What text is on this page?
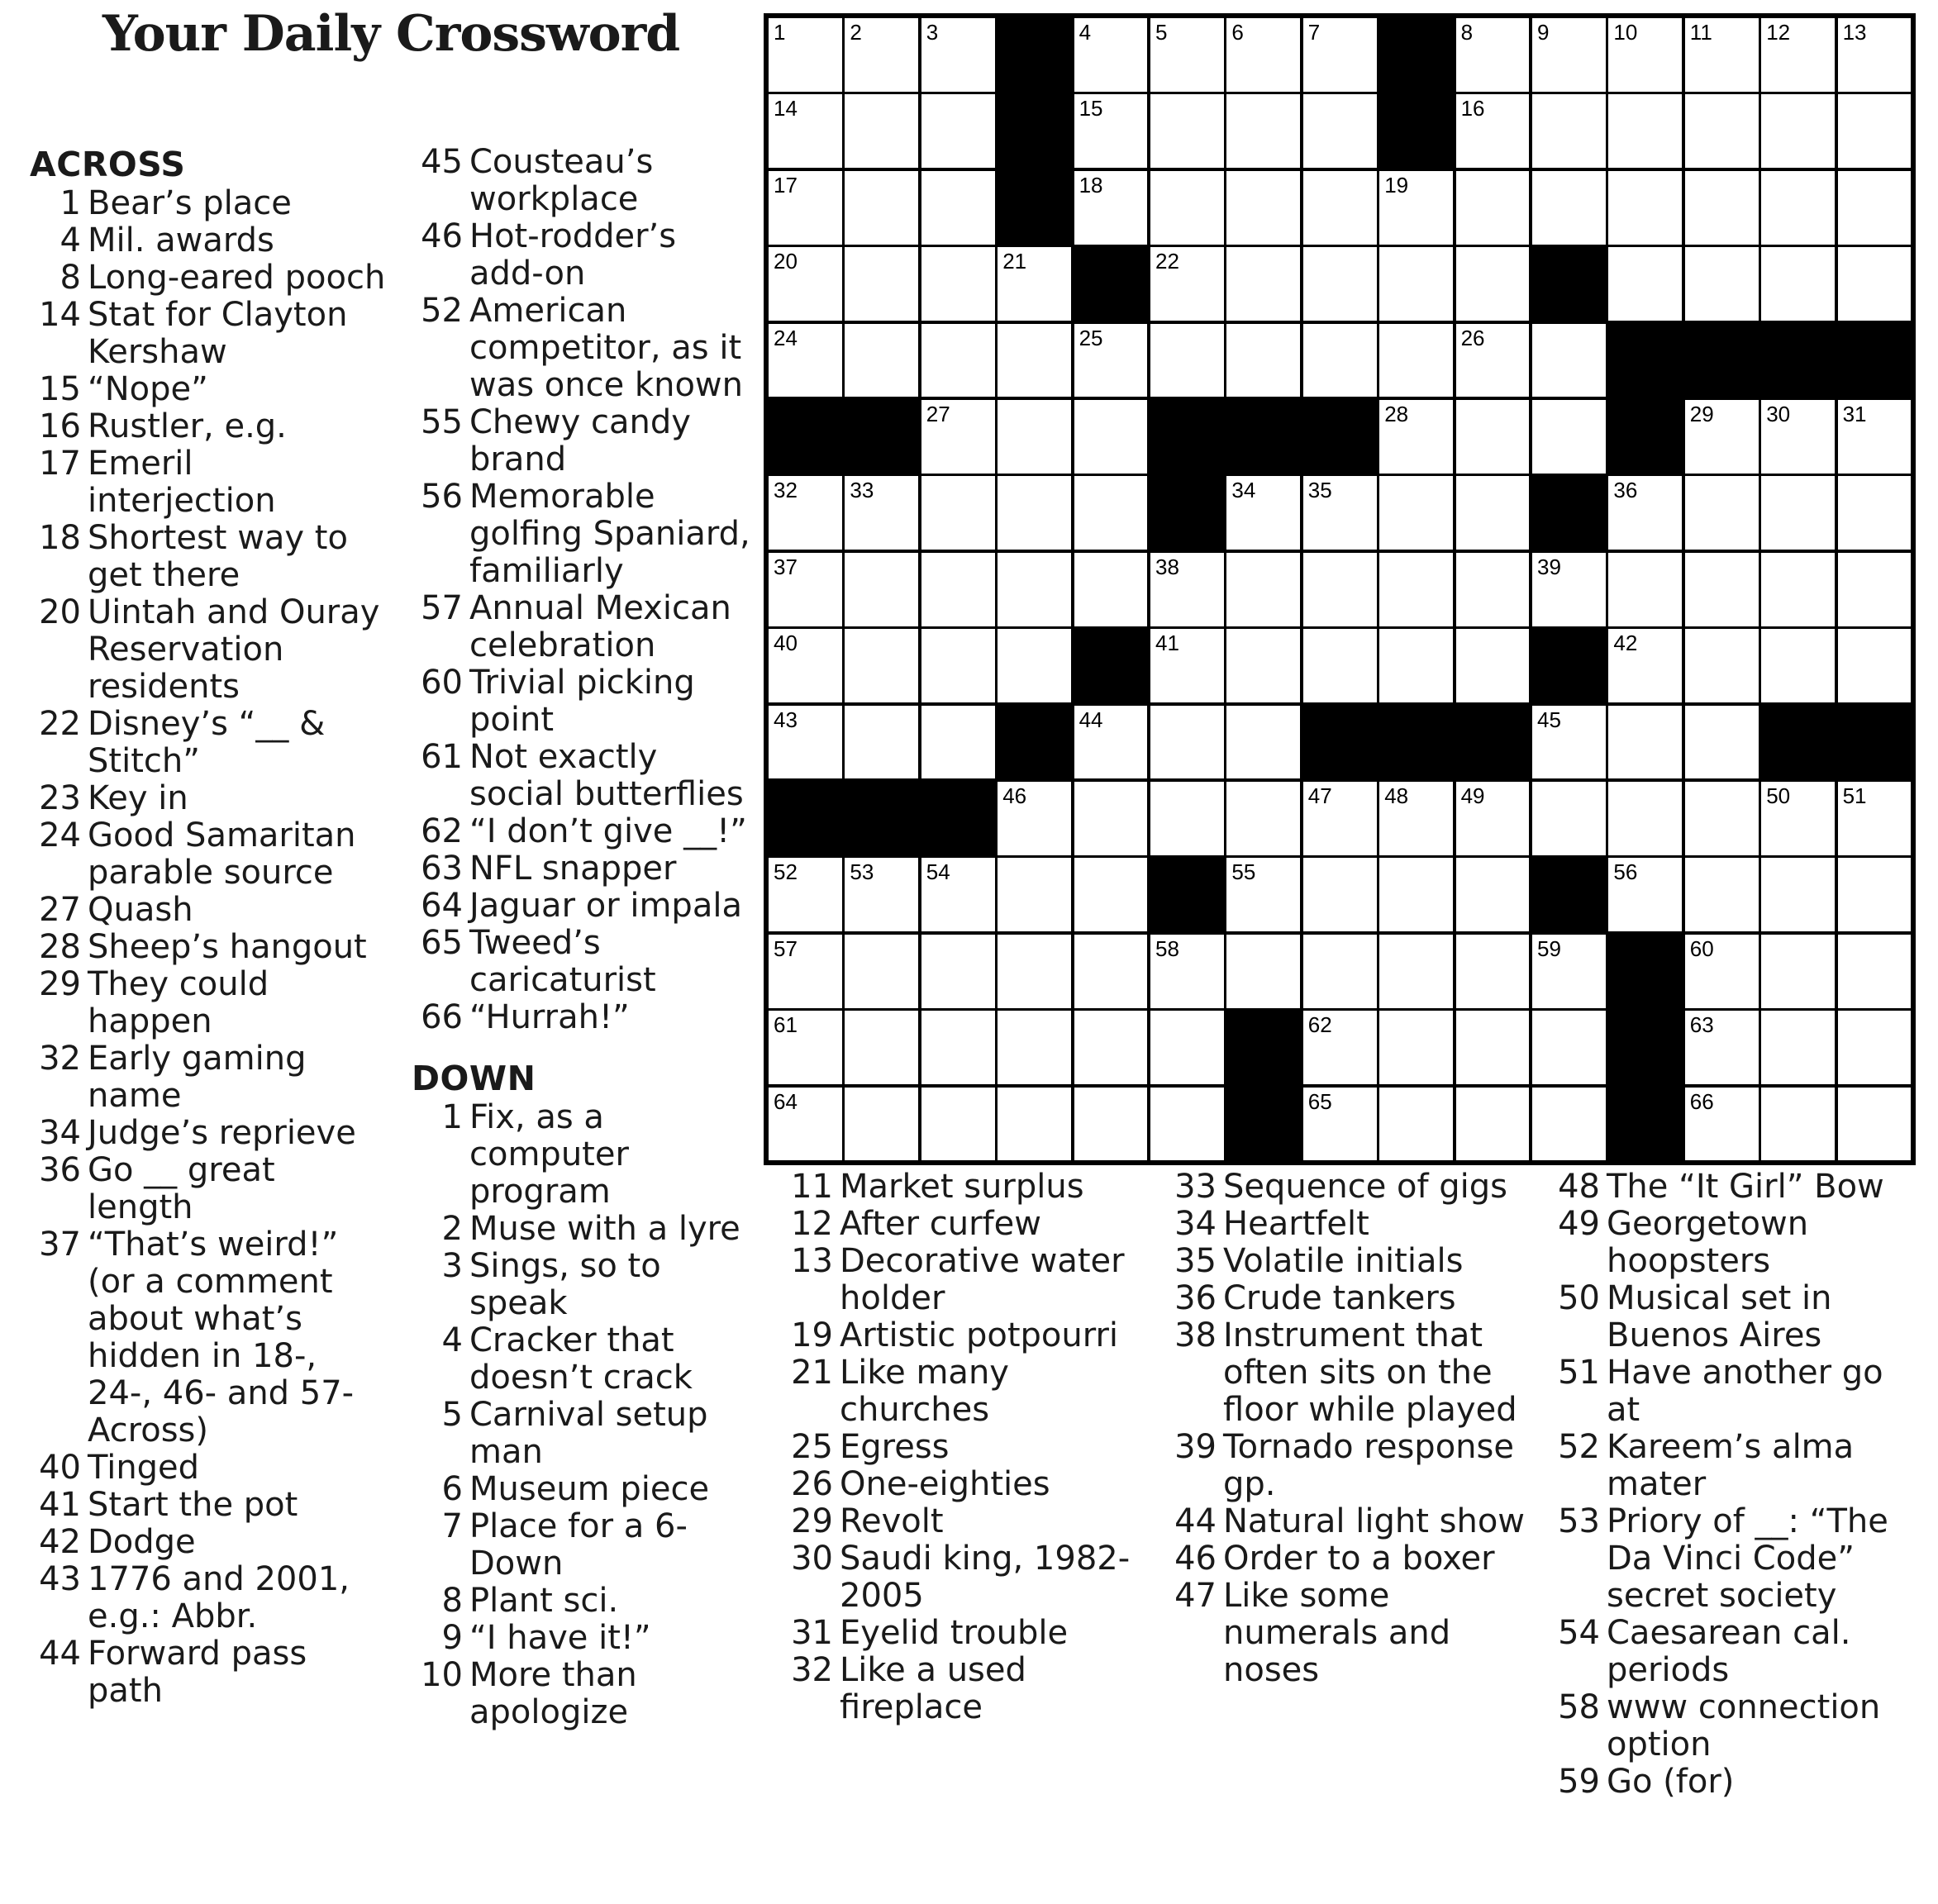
Your Daily Crossword
ACROSS
1 Bear’s place
4 Mil. awards
8 Long-eared pooch
14 Stat for Clayton Kershaw
15 “Nope”
16 Rustler, e.g.
17 Emeril interjection
18 Shortest way to get there
20 Uintah and Ouray Reservation residents
22 Disney’s “__ & Stitch”
23 Key in
24 Good Samaritan parable source
27 Quash
28 Sheep’s hangout
29 They could happen
32 Early gaming name
34 Judge’s reprieve
36 Go __ great length
37 “That’s weird!” (or a comment about what’s hidden in 18-, 24-, 46- and 57-Across)
40 Tinged
41 Start the pot
42 Dodge
43 1776 and 2001, e.g.: Abbr.
44 Forward pass path
45 Cousteau’s workplace
46 Hot-rodder’s add-on
52 American competitor, as it was once known
55 Chewy candy brand
56 Memorable golfing Spaniard, familiarly
57 Annual Mexican celebration
60 Trivial picking point
61 Not exactly social butterflies
62 “I don’t give __!”
63 NFL snapper
64 Jaguar or impala
65 Tweed’s caricaturist
66 “Hurrah!”
DOWN
1 Fix, as a computer program
2 Muse with a lyre
3 Sings, so to speak
4 Cracker that doesn’t crack
5 Carnival setup man
6 Museum piece
7 Place for a 6-Down
8 Plant sci.
9 “I have it!”
10 More than apologize
11 Market surplus
12 After curfew
13 Decorative water holder
19 Artistic potpourri
21 Like many churches
25 Egress
26 One-eighties
29 Revolt
30 Saudi king, 1982-2005
31 Eyelid trouble
32 Like a used fireplace
33 Sequence of gigs
34 Heartfelt
35 Volatile initials
36 Crude tankers
38 Instrument that often sits on the floor while played
39 Tornado response gp.
44 Natural light show
46 Order to a boxer
47 Like some numerals and noses
48 The “It Girl” Bow
49 Georgetown hoopsters
50 Musical set in Buenos Aires
51 Have another go at
52 Kareem’s alma mater
53 Priory of __: “The Da Vinci Code” secret society
54 Caesarean cal. periods
58 www connection option
59 Go (for)
1	2	3	4	5	6	7	8	9	10 11	12 13
14	15	16
17	18	19
20	21	22
24	25	26
27	28	29 30 31
32 33	34 35	36
37	38	39
40	41	42
43	44	45
46	47 48 49	50 51
52 53 54	55	56
57	58	59	60
61	62	63
64	65	66
